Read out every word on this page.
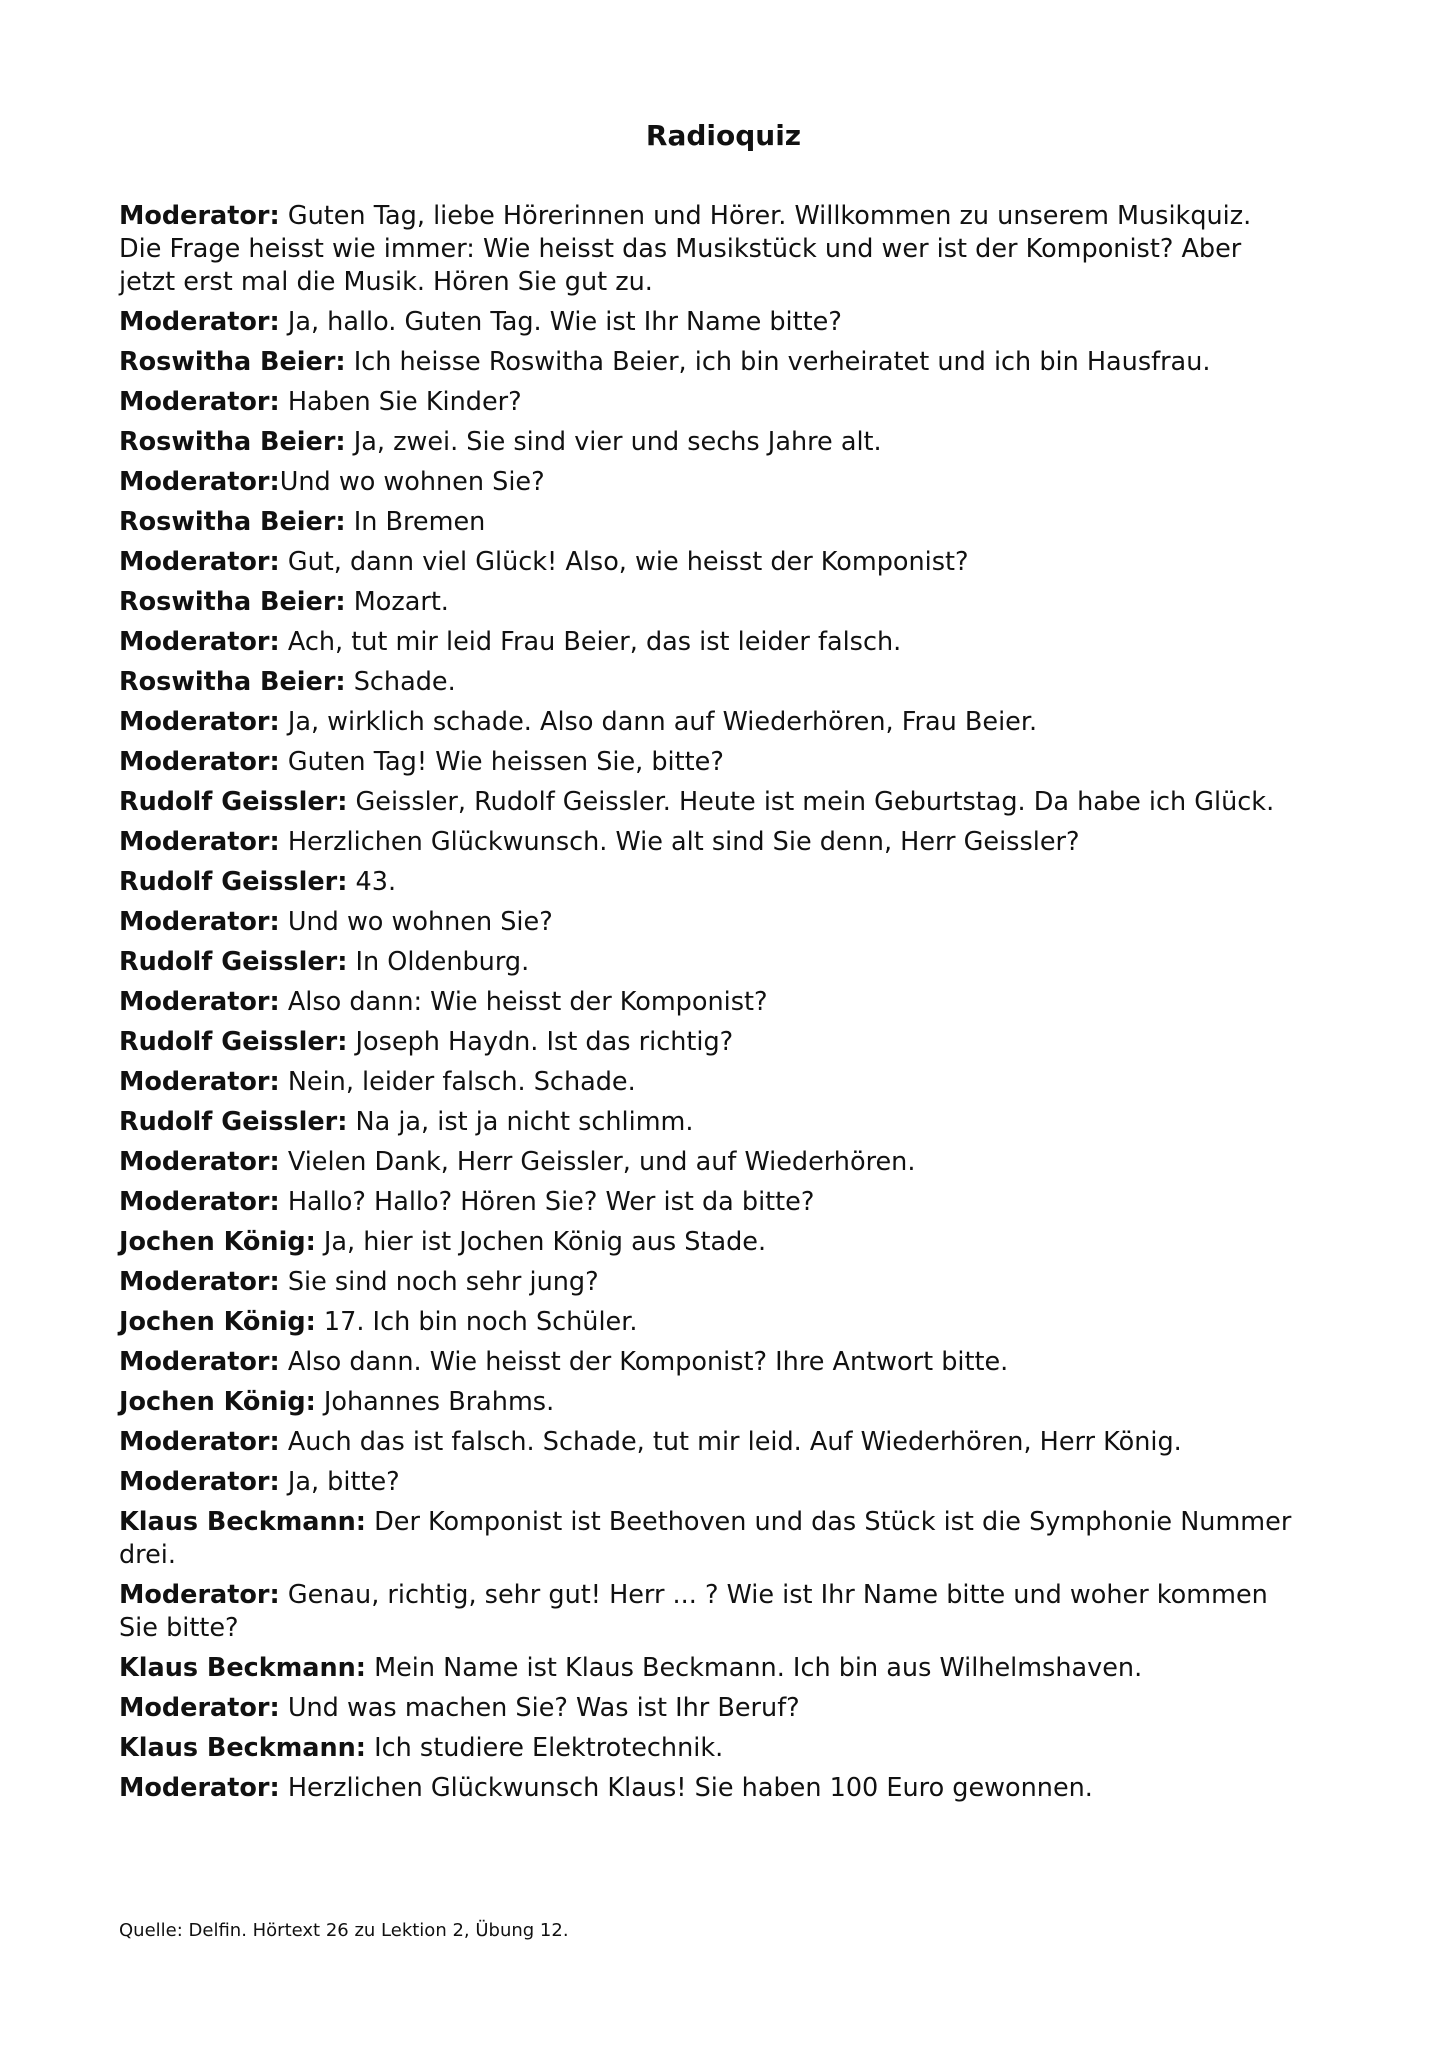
Radioquiz
Moderator: Guten Tag, liebe Hörerinnen und Hörer. Willkommen zu unserem Musikquiz. Die Frage heisst wie immer: Wie heisst das Musikstück und wer ist der Komponist? Aber jetzt erst mal die Musik. Hören Sie gut zu.
Moderator: Ja, hallo. Guten Tag. Wie ist Ihr Name bitte?
Roswitha Beier: Ich heisse Roswitha Beier, ich bin verheiratet und ich bin Hausfrau.
Moderator: Haben Sie Kinder?
Roswitha Beier: Ja, zwei. Sie sind vier und sechs Jahre alt.
Moderator:Und wo wohnen Sie?
Roswitha Beier: In Bremen
Moderator: Gut, dann viel Glück! Also, wie heisst der Komponist?
Roswitha Beier: Mozart.
Moderator: Ach, tut mir leid Frau Beier, das ist leider falsch.
Roswitha Beier: Schade.
Moderator: Ja, wirklich schade. Also dann auf Wiederhören, Frau Beier.
Moderator: Guten Tag! Wie heissen Sie, bitte?
Rudolf Geissler: Geissler, Rudolf Geissler. Heute ist mein Geburtstag. Da habe ich Glück.
Moderator: Herzlichen Glückwunsch. Wie alt sind Sie denn, Herr Geissler?
Rudolf Geissler: 43.
Moderator: Und wo wohnen Sie?
Rudolf Geissler: In Oldenburg.
Moderator: Also dann: Wie heisst der Komponist?
Rudolf Geissler: Joseph Haydn. Ist das richtig?
Moderator: Nein, leider falsch. Schade.
Rudolf Geissler: Na ja, ist ja nicht schlimm.
Moderator: Vielen Dank, Herr Geissler, und auf Wiederhören.
Moderator: Hallo? Hallo? Hören Sie? Wer ist da bitte?
Jochen König: Ja, hier ist Jochen König aus Stade.
Moderator: Sie sind noch sehr jung?
Jochen König: 17. Ich bin noch Schüler.
Moderator: Also dann. Wie heisst der Komponist? Ihre Antwort bitte.
Jochen König: Johannes Brahms.
Moderator: Auch das ist falsch. Schade, tut mir leid. Auf Wiederhören, Herr König.
Moderator: Ja, bitte?
Klaus Beckmann: Der Komponist ist Beethoven und das Stück ist die Symphonie Nummer drei.
Moderator: Genau, richtig, sehr gut! Herr ... ? Wie ist Ihr Name bitte und woher kommen Sie bitte?
Klaus Beckmann: Mein Name ist Klaus Beckmann. Ich bin aus Wilhelmshaven.
Moderator: Und was machen Sie? Was ist Ihr Beruf?
Klaus Beckmann: Ich studiere Elektrotechnik.
Moderator: Herzlichen Glückwunsch Klaus! Sie haben 100 Euro gewonnen.

Quelle: Delfin. Hörtext 26 zu Lektion 2, Übung 12.
